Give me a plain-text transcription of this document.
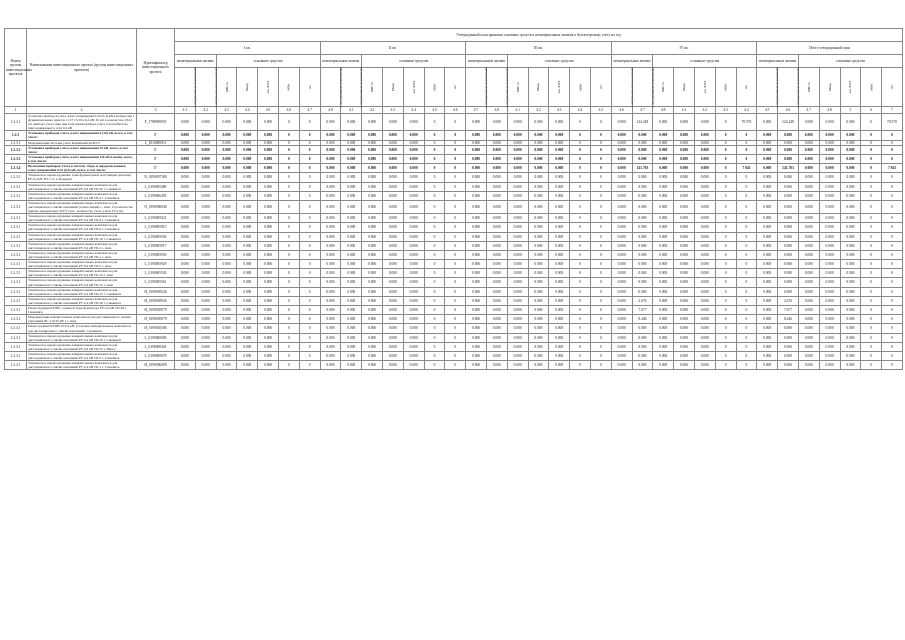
Номер группы инвестиционных проектов	Наименование инвестиционного проекта (группы инвестиционных проектов)	Идентификатор инвестиционного проекта	Утвержденный план принятия основных средств и нематериальных активов к бухгалтерскому учету на год																																		
			I кв.							II кв.							III кв.							IV кв.							Итого утвержденный план						
			нематериальные активы		основные средства					нематериальные активы		основные средства					нематериальные активы		основные средства					нематериальные активы		основные средства					нематериальные активы		основные средства				
			в натуральных показателях	в натуральных показателях	МВ×А	Мвар	км ЛЭП	МВт	шт	в натуральных показателях	в натуральных показателях	МВ×А	Мвар	км ЛЭП	МВт	шт	в натуральных показателях	в натуральных показателях	МВ×А	Мвар	км ЛЭП	МВт	шт	в натуральных показателях	в натуральных показателях	МВ×А	Мвар	км ЛЭП	МВт	шт	в натуральных показателях	в натуральных показателях	МВ×А	Мвар	км ЛЭП	МВт	шт
1	2	3	4.1	4.2	4.3	4.4	4.5	4.6	4.7	4.8	4.1	4.2	4.3	4.4	4.5	4.6	4.7	4.8	4.1	4.2	4.3	4.4	4.5	4.6	4.7	4.8	4.1	4.2	4.3	4.4	4.5	4.6	4.7	4.8	5	6	7
1.2.2.1	Установка приборов учета, класс напряжения 0,22 (0,4) кВ в количестве 1 функциональных пакетов от 27 13,30 в 0,4 кВ; 45 шт в количестве 18,22 шт прибора учета тире при получении прибора учета к потребителю, присоединенных в сети 0,4 кВ	F_1789098955	0.000	0.000	0.000	0.000	0.000	0	0	0.000	0.000	0.000	0.000	0.000	0	0	0.000	0.000	0.000	0.000	0.000	0	0	0.000	124.248	0.000	0.000	0.000	0	70.570	0.000	124.248	0.000	0.000	0.000	0	70.570
1.2.3	Установка приборов учета, класс напряжения 6 (10) кВ, всего, в том числе:	Г	0.000	0.000	0.000	0.000	0.000	0	0	0.000	0.000	0.000	0.000	0.000	0	0	0.000	0.000	0.000	0.000	0.000	0	0	0.000	0.000	0.000	0.000	0.000	0	0	0.000	0.000	0.000	0.000	0.000	0	0
1.2.3.1	Модернизация системы учета Копейский АСКУЭ	L_1010006911	0.000	0.000	0.000	0.000	0.000	0	0	0.000	0.000	0.000	0.000	0.000	0	0	0.000	0.000	0.000	0.000	0.000	0	0	0.000	0.000	0.000	0.000	0.000	0	0	0.000	0.000	0.000	0.000	0.000	0	0
1.2.3.2	Установка приборов учета, класс напряжения 35 кВ, всего, в том числе:	Г	0.000	0.000	0.000	0.000	0.000	0	0	0.000	0.000	0.000	0.000	0.000	0	0	0.000	0.000	0.000	0.000	0.000	0	0	0.000	0.000	0.000	0.000	0.000	0	0	0.000	0.000	0.000	0.000	0.000	0	0
1.2.3.3	Установка приборов учета, класс напряжения 110 кВ и выше, всего, в том числе:	Г	0.000	0.000	0.000	0.000	0.000	0	0	0.000	0.000	0.000	0.000	0.000	0	0	0.000	0.000	0.000	0.000	0.000	0	0	0.000	0.000	0.000	0.000	0.000	0	0	0.000	0.000	0.000	0.000	0.000	0	0
1.2.3.4	Включение приборов учета в систему сбора и передачи данных, класс напряжения 0,22 (0,4) кВ, всего, в том числе:	Г	0.000	0.000	0.000	0.000	0.000	0	0	0.000	0.000	0.000	0.000	0.000	0	0	0.000	0.000	0.000	0.000	0.000	0	0	0.000	141.703	0.000	0.000	0.000	0	7 943	0.000	141.703	0.000	0.000	0.000	0	7 943
1.2.3.1	Техническое перевооружение трансформаторной подстанции (монтаж) РУ-0,4 кВ ТП-7 ст. п. Бердяуш	N_0190007180	0.000	0.000	0.000	0.000	0.000	0	0	0.000	0.000	0.000	0.000	0.000	0	0	0.000	0.000	0.000	0.000	0.000	0	0	0.000	0.000	0.000	0.000	0.000	0	0	0.000	0.000	0.000	0.000	0.000	0	0
1.2.3.1	Техническое перевооружение измерительных комплексов для дистанционного снятия показаний РУ-0,4 кВ ТП-20 г. Снежинск	L_0190005480	0.000	0.000	0.000	0.000	0.000	0	0	0.000	0.000	0.000	0.000	0.000	0	0	0.000	0.000	0.000	0.000	0.000	0	0	0.000	0.000	0.000	0.000	0.000	0	0	0.000	0.000	0.000	0.000	0.000	0	0
1.2.3.1	Техническое перевооружение измерительных комплексов для дистанционного снятия показаний РУ-0,4 кВ ТП-4 г. Снежинск	L_0190006495	0.000	0.000	0.000	0.000	0.000	0	0	0.000	0.000	0.000	0.000	0.000	0	0	0.000	0.000	0.000	0.000	0.000	0	0	0.000	0.000	0.000	0.000	0.000	0	0	0.000	0.000	0.000	0.000	0.000	0	0
1.2.3.1	Техническое перевооружение измерительных комплексов для дистанционного снятия показаний (2-ная секция) с. Аша, Строительство приемо-передающего ПУЭ 2 шт., количество учета узлов УЗ 4 шт.	N_0190006940	0.000	0.000	0.000	0.000	0.000	0	0	0.000	0.000	0.000	0.000	0.000	0	0	0.000	0.000	0.000	0.000	0.000	0	0	0.000	0.000	0.000	0.000	0.000	0	0	0.000	0.000	0.000	0.000	0.000	0	0
1.2.3.1	Техническое перевооружение измерительных комплексов для дистанционного снятия показаний РУ-0,4 кВ ТП-9 г. Снежинск	L_0190005921	0.000	0.000	0.000	0.000	0.000	0	0	0.000	0.000	0.000	0.000	0.000	0	0	0.000	0.000	0.000	0.000	0.000	0	0	0.000	0.000	0.000	0.000	0.000	0	0	0.000	0.000	0.000	0.000	0.000	0	0
1.2.3.1	Техническое перевооружение измерительных комплексов для дистанционного снятия показаний РУ-0,4 кВ ТП-6 г. Снежинск	L_0190005915	0.000	0.000	0.000	0.000	0.000	0	0	0.000	0.000	0.000	0.000	0.000	0	0	0.000	0.000	0.000	0.000	0.000	0	0	0.000	0.000	0.000	0.000	0.000	0	0	0.000	0.000	0.000	0.000	0.000	0	0
1.2.3.1	Техническое перевооружение измерительных комплексов для дистанционного снятия показаний РУ-0,4 кВ ТП-19 г. Снежинск	L_0190005930	0.000	0.000	0.000	0.000	0.000	0	0	0.000	0.000	0.000	0.000	0.000	0	0	0.000	0.000	0.000	0.000	0.000	0	0	0.000	0.000	0.000	0.000	0.000	0	0	0.000	0.000	0.000	0.000	0.000	0	0
1.2.3.1	Техническое перевооружение измерительных комплексов для дистанционного снятия показаний РУ-0,4 кВ ТП-1 г. Аша	L_0190005917	0.000	0.000	0.000	0.000	0.000	0	0	0.000	0.000	0.000	0.000	0.000	0	0	0.000	0.000	0.000	0.000	0.000	0	0	0.000	0.000	0.000	0.000	0.000	0	0	0.000	0.000	0.000	0.000	0.000	0	0
1.2.3.1	Техническое перевооружение измерительных комплексов для дистанционного снятия показаний РУ-0,4 кВ ТП-1 г. Аша	L_0190005930	0.000	0.000	0.000	0.000	0.000	0	0	0.000	0.000	0.000	0.000	0.000	0	0	0.000	0.000	0.000	0.000	0.000	0	0	0.000	0.000	0.000	0.000	0.000	0	0	0.000	0.000	0.000	0.000	0.000	0	0
1.2.3.1	Техническое перевооружение измерительных комплексов для дистанционного снятия показаний РУ-0,4 кВ ТП-5 г. Аша	L_0190005929	0.000	0.000	0.000	0.000	0.000	0	0	0.000	0.000	0.000	0.000	0.000	0	0	0.000	0.000	0.000	0.000	0.000	0	0	0.000	0.000	0.000	0.000	0.000	0	0	0.000	0.000	0.000	0.000	0.000	0	0
1.2.3.1	Техническое перевооружение измерительных комплексов для дистанционного снятия показаний РУ-0,4 кВ ТП-14 г. Аша	L_0190005543	0.000	0.000	0.000	0.000	0.000	0	0	0.000	0.000	0.000	0.000	0.000	0	0	0.000	0.000	0.000	0.000	0.000	0	0	0.000	0.000	0.000	0.000	0.000	0	0	0.000	0.000	0.000	0.000	0.000	0	0
1.2.3.1	Техническое перевооружение измерительных комплексов для дистанционного снятия показаний РУ-0,4 кВ ТП-15 г. Аша	L_0190005561	0.000	0.000	0.000	0.000	0.000	0	0	0.000	0.000	0.000	0.000	0.000	0	0	0.000	0.000	0.000	0.000	0.000	0	0	0.000	0.000	0.000	0.000	0.000	0	0	0.000	0.000	0.000	0.000	0.000	0	0
1.2.3.1	Техническое перевооружение измерительных комплексов для дистанционного снятия показаний РУ-0,4 кВ ТП-15 г. Снежинск	H_0190005526	0.000	0.000	0.000	0.000	0.000	0	0	0.000	0.000	0.000	0.000	0.000	0	0	0.000	0.000	0.000	0.000	0.000	0	0	0.000	0.000	0.000	0.000	0.000	0	0	0.000	0.000	0.000	0.000	0.000	0	0
1.2.3.1	Техническое перевооружение измерительных комплексов для дистанционного снятия показаний РУ-0,4 кВ ТП-28 г. Снежинск	H_0190005926	0.000	0.000	0.000	0.000	0.000	0	0	0.000	0.000	0.000	0.000	0.000	0	0	0.000	0.000	0.000	0.000	0.000	0	0	0.000	2.676	0.000	0.000	0.000	0	0	0.000	2.676	0.000	0.000	0.000	0	0
1.2.3.1	Реконструкция КТПН с заменой трансформатора РУ-0,4 кВ ТП-28 г. Снежинск	H_0190005979	0.000	0.000	0.000	0.000	0.000	0	0	0.000	0.000	0.000	0.000	0.000	0	0	0.000	0.000	0.000	0.000	0.000	0	0	0.000	7.677	0.000	0.000	0.000	0	0	0.000	7.677	0.000	0.000	0.000	0	0
1.2.3.1	Модернизация измерительных комплексов для дистанционного снятия показаний ПС-110/10 кВ 1 г. Аша	H_0190005979	0.000	0.000	0.000	0.000	0.000	0	0	0.000	0.000	0.000	0.000	0.000	0	0	0.000	0.000	0.000	0.000	0.000	0	0	0.000	8.446	0.000	0.000	0.000	0	0	0.000	8.446	0.000	0.000	0.000	0	0
1.2.3.1	Реконструкция КТПН-10/0,4 кВ, установка измерительных комплексов для дистанционного снятия показаний г. Снежинск	H_0190005186	0.000	0.000	0.000	0.000	0.000	0	0	0.000	0.000	0.000	0.000	0.000	0	0	0.000	0.000	0.000	0.000	0.000	0	0	0.000	0.000	0.000	0.000	0.000	0	0	0.000	0.000	0.000	0.000	0.000	0	0
1.2.3.1	Техническое перевооружение измерительных комплексов для дистанционного снятия показаний РУ-0,4 кВ ТП-26 г. Снежинск	L_0190000000	0.000	0.000	0.000	0.000	0.000	0	0	0.000	0.000	0.000	0.000	0.000	0	0	0.000	0.000	0.000	0.000	0.000	0	0	0.000	0.000	0.000	0.000	0.000	0	0	0.000	0.000	0.000	0.000	0.000	0	0
1.2.3.1	Техническое перевооружение измерительных комплексов для дистанционного снятия показаний РУ-0,4 кВ ТП-25 г. Миасс	L_0190000401	0.000	0.000	0.000	0.000	0.000	0	0	0.000	0.000	0.000	0.000	0.000	0	0	0.000	0.000	0.000	0.000	0.000	0	0	0.000	0.000	0.000	0.000	0.000	0	0	0.000	0.000	0.000	0.000	0.000	0	0
1.2.3.1	Техническое перевооружение измерительных комплексов для дистанционного снятия показаний РУ-0,4 кВ ТП-5 г. Снежинск	L_0190000079	0.000	0.000	0.000	0.000	0.000	0	0	0.000	0.000	0.000	0.000	0.000	0	0	0.000	0.000	0.000	0.000	0.000	0	0	0.000	0.000	0.000	0.000	0.000	0	0	0.000	0.000	0.000	0.000	0.000	0	0
1.2.3.1	Техническое перевооружение измерительных комплексов для дистанционного снятия показаний РУ-0,4 кВ ТП-1 г. Снежинск	H_0190000499	0.000	0.000	0.000	0.000	0.000	0	0	0.000	0.000	0.000	0.000	0.000	0	0	0.000	0.000	0.000	0.000	0.000	0	0	0.000	0.000	0.000	0.000	0.000	0	0	0.000	0.000	0.000	0.000	0.000	0	0
